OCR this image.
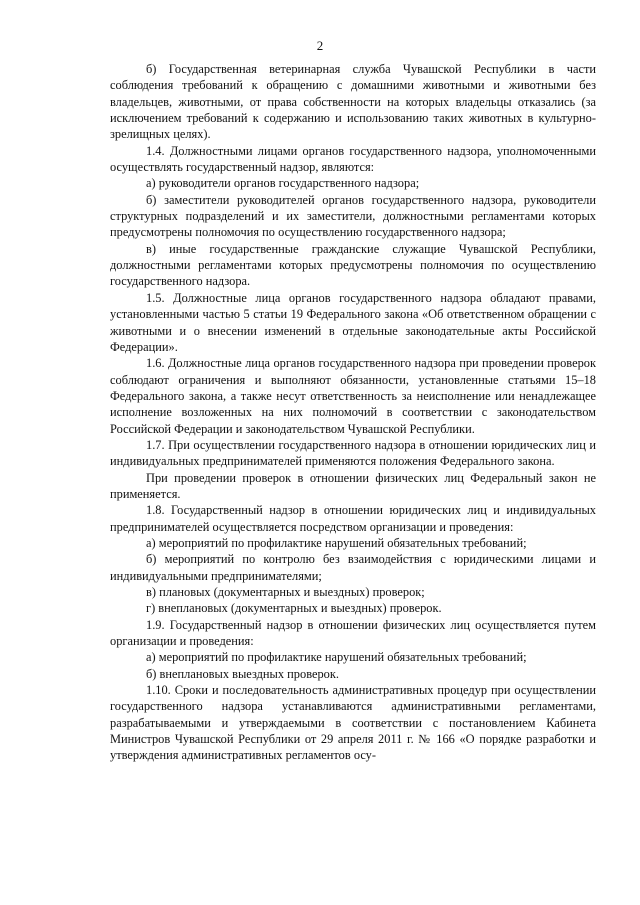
2

б) Государственная ветеринарная служба Чувашской Республики в части соблюдения требований к обращению с домашними животными и животными без владельцев, животными, от права собственности на которых владельцы отказались (за исключением требований к содержанию и использованию таких животных в культурно-зрелищных целях).

1.4. Должностными лицами органов государственного надзора, уполномоченными осуществлять государственный надзор, являются:

а) руководители органов государственного надзора;

б) заместители руководителей органов государственного надзора, руководители структурных подразделений и их заместители, должностными регламентами которых предусмотрены полномочия по осуществлению государственного надзора;

в) иные государственные гражданские служащие Чувашской Республики, должностными регламентами которых предусмотрены полномочия по осуществлению государственного надзора.

1.5. Должностные лица органов государственного надзора обладают правами, установленными частью 5 статьи 19 Федерального закона «Об ответственном обращении с животными и о внесении изменений в отдельные законодательные акты Российской Федерации».

1.6. Должностные лица органов государственного надзора при проведении проверок соблюдают ограничения и выполняют обязанности, установленные статьями 15–18 Федерального закона, а также несут ответственность за неисполнение или ненадлежащее исполнение возложенных на них полномочий в соответствии с законодательством Российской Федерации и законодательством Чувашской Республики.

1.7. При осуществлении государственного надзора в отношении юридических лиц и индивидуальных предпринимателей применяются положения Федерального закона.

При проведении проверок в отношении физических лиц Федеральный закон не применяется.

1.8. Государственный надзор в отношении юридических лиц и индивидуальных предпринимателей осуществляется посредством организации и проведения:

а) мероприятий по профилактике нарушений обязательных требований;

б) мероприятий по контролю без взаимодействия с юридическими лицами и индивидуальными предпринимателями;

в) плановых (документарных и выездных) проверок;

г) внеплановых (документарных и выездных) проверок.

1.9. Государственный надзор в отношении физических лиц осуществляется путем организации и проведения:

а) мероприятий по профилактике нарушений обязательных требований;

б) внеплановых выездных проверок.

1.10. Сроки и последовательность административных процедур при осуществлении государственного надзора устанавливаются административными регламентами, разрабатываемыми и утверждаемыми в соответствии с постановлением Кабинета Министров Чувашской Республики от 29 апреля 2011 г. № 166 «О порядке разработки и утверждения административных регламентов осу-
